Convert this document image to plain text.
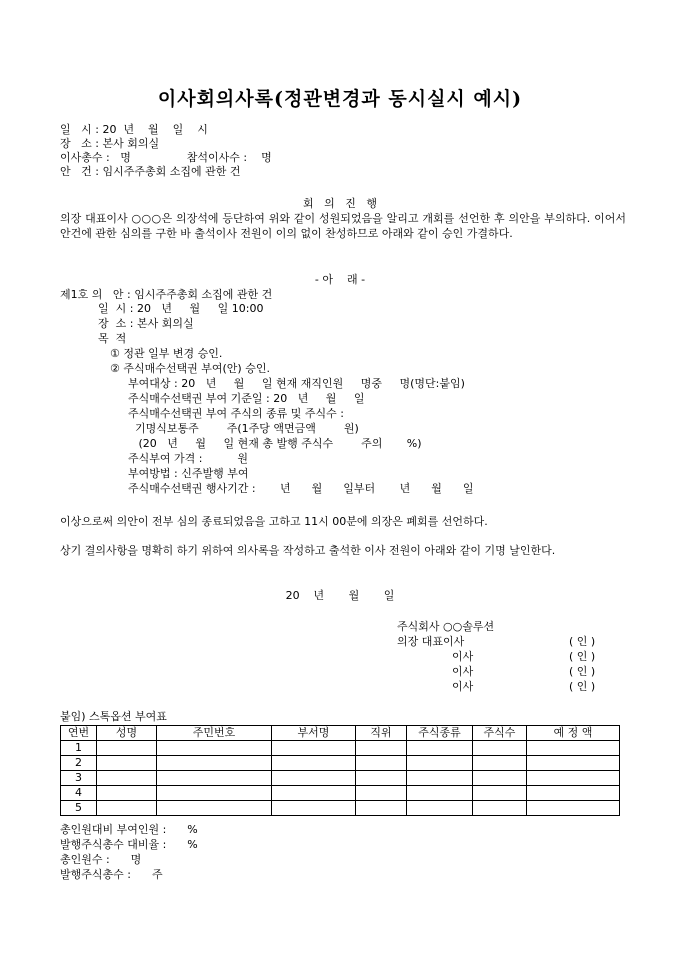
이사회의사록(정관변경과 동시실시 예시)
일   시 : 20  년    월    일    시
장   소 : 본사 회의실
이사총수 :   명                참석이사수 :    명
안   건 : 임시주주총회 소집에 관한 건
회   의   진   행
의장 대표이사 ○○○은 의장석에 등단하여 위와 같이 성원되었음을 알리고 개회를 선언한 후 의안을 부의하다. 이어서 안건에 관한 심의를 구한 바 출석이사 전원이 이의 없이 찬성하므로 아래와 같이 승인 가결하다.
- 아    래 -
제1호 의   안 : 임시주주총회 소집에 관한 건
일  시 : 20   년     월     일 10:00
장  소 : 본사 회의실
목  적
① 정관 일부 변경 승인.
② 주식매수선택권 부여(안) 승인.
부여대상 : 20   년     월     일 현재 재직인원     명중     명(명단:붙임)
주식매수선택권 부여 기준일 : 20   년     월     일
주식매수선택권 부여 주식의 종류 및 주식수 :
기명식보통주        주(1주당 액면금액        원)
(20   년     월     일 현재 총 발행 주식수        주의       %)
주식부여 가격 :          원
부여방법 : 신주발행 부여
주식매수선택권 행사기간 :       년      월      일부터       년      월      일
이상으로써 의안이 전부 심의 종료되었음을 고하고 11시 00분에 의장은 폐회를 선언하다.
상기 결의사항을 명확히 하기 위하여 의사록을 작성하고 출석한 이사 전원이 아래와 같이 기명 날인한다.
20    년       월       일
주식회사 ○○솔루션
의장 대표이사	( 인 )
이사	( 인 )
이사	( 인 )
이사	( 인 )
붙임) 스톡옵션 부여표
연번	성명	주민번호	부서명	직위	주식종류	주식수	예 정 액
1							
2							
3							
4							
5							
총인원대비 부여인원 :      %
발행주식총수 대비율 :      %
총인원수 :      명
발행주식총수 :      주
